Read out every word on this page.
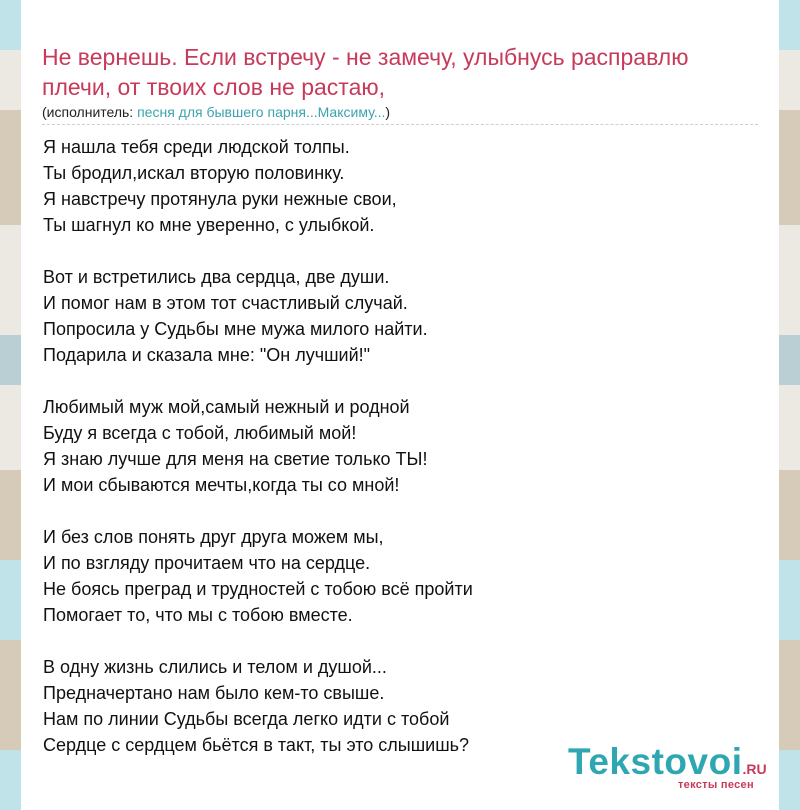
Не вернешь. Если встречу - не замечу, улыбнусь расправлю плечи, от твоих слов не растаю,
(исполнитель: песня для бывшего парня...Максиму...)
Я нашла тебя среди людской толпы.
Ты бродил,искал вторую половинку.
Я навстречу протянула руки нежные свои,
Ты шагнул ко мне уверенно, с улыбкой.
Вот и встретились два сердца, две души.
И помог нам в этом тот счастливый случай.
Попросила у Судьбы мне мужа милого найти.
Подарила и сказала мне: "Он лучший!"
Любимый муж мой,самый нежный и родной
Буду я всегда с тобой, любимый мой!
Я знаю лучше для меня на светие только ТЫ!
И мои сбываются мечты,когда ты со мной!
И без слов понять друг друга можем мы,
И по взгляду прочитаем что на сердце.
Не боясь преград и трудностей с тобою всё пройти
Помогает то, что мы с тобою вместе.
В одну жизнь слились и телом и душой...
Предначертано нам было кем-то свыше.
Нам по линии Судьбы всегда легко идти с тобой
Сердце с сердцем бьётся в такт, ты это слышишь?	Tekstovoi.RU
тексты песен
